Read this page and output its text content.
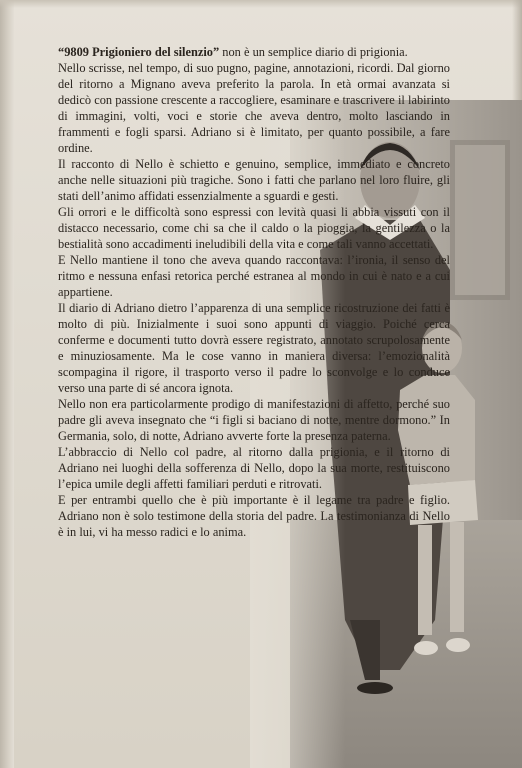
“9809 Prigioniero del silenzio” non è un semplice diario di prigionia.

Nello scrisse, nel tempo, di suo pugno, pagine, annotazioni, ricordi. Dal giorno del ritorno a Mignano aveva preferito la parola. In età ormai avanzata si dedicò con passione crescente a raccogliere, esaminare e trascrivere il labirinto di immagini, volti, voci e storie che aveva dentro, molto lasciando in frammenti e fogli sparsi. Adriano si è limitato, per quanto possibile, a fare ordine.

Il racconto di Nello è schietto e genuino, semplice, immediato e concreto anche nelle situazioni più tragiche. Sono i fatti che parlano nel loro fluire, gli stati dell’animo affidati essenzialmente a sguardi e gesti.

Gli orrori e le difficoltà sono espressi con levità quasi li abbia vissuti con il distacco necessario, come chi sa che il caldo o la pioggia, la gentilezza o la bestialità sono accadimenti ineludibili della vita e come tali vanno accettati.

E Nello mantiene il tono che aveva quando raccontava: l’ironia, il senso del ritmo e nessuna enfasi retorica perché estranea al mondo in cui è nato e a cui appartiene.

Il diario di Adriano dietro l’apparenza di una semplice ricostruzione dei fatti è molto di più. Inizialmente i suoi sono appunti di viaggio. Poiché cerca conferme e documenti tutto dovrà essere registrato, annotato scrupolosamente e minuziosamente. Ma le cose vanno in maniera diversa: l’emozionalità scompagina il rigore, il trasporto verso il padre lo sconvolge e lo conduce verso una parte di sé ancora ignota.

Nello non era particolarmente prodigo di manifestazioni di affetto, perché suo padre gli aveva insegnato che “i figli si baciano di notte, mentre dormono.” In Germania, solo, di notte, Adriano avverte forte la presenza paterna.

L’abbraccio di Nello col padre, al ritorno dalla prigionia, e il ritorno di Adriano nei luoghi della sofferenza di Nello, dopo la sua morte, restituiscono l’epica umile degli affetti familiari perduti e ritrovati.

E per entrambi quello che è più importante è il legame tra padre e figlio. Adriano non è solo testimone della storia del padre. La testimonianza di Nello è in lui, vi ha messo radici e lo anima.
